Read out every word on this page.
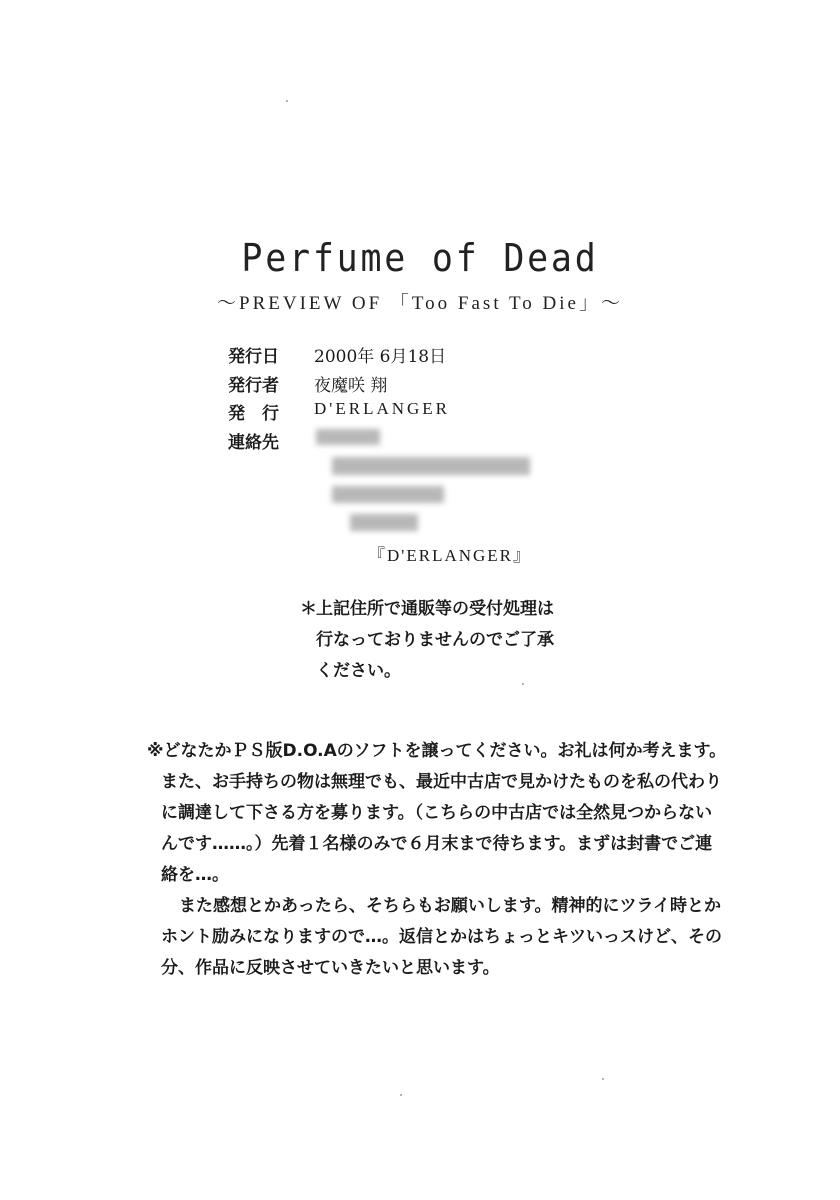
Perfume of Dead
～PREVIEW OF 「Too Fast To Die」～
発行日	2000年 6月18日
発行者	夜魔咲 翔
発　行	D'ERLANGER
連絡先
『D'ERLANGER』
＊上記住所で通販等の受付処理は
行なっておりませんのでご了承
ください。
※どなたかＰＳ版D.O.Aのソフトを譲ってください。お礼は何か考えます。
また、お手持ちの物は無理でも、最近中古店で見かけたものを私の代わり
に調達して下さる方を募ります。（こちらの中古店では全然見つからない
んです……。）先着１名様のみで６月末まで待ちます。まずは封書でご連
絡を…。
また感想とかあったら、そちらもお願いします。精神的にツライ時とか
ホント励みになりますので…。返信とかはちょっとキツいっスけど、その
分、作品に反映させていきたいと思います。
